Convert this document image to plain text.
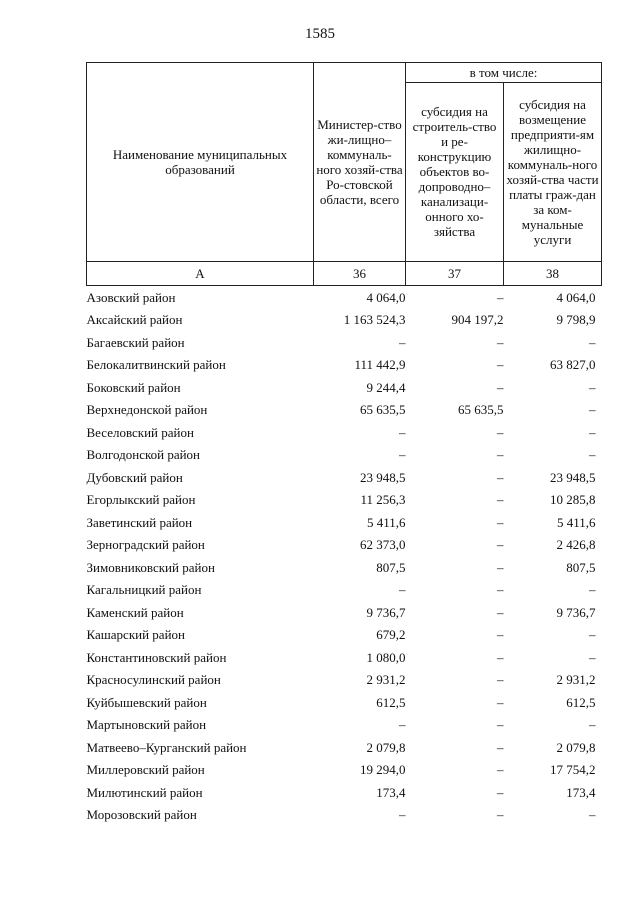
1585
Наименование муниципальных образований	Министер-ство жи-лищно–коммуналь-ного хозяй-ства Ро-стовской области, всего	в том числе:	
		субсидия на строитель-ство и ре-конструкцию объектов во-допроводно–канализаци-онного хо-зяйства	субсидия на возмещение предприяти-ям жилищно-коммуналь-ного хозяй-ства части платы граж-дан за ком-мунальные услуги
А	36	37	38
Азовский район	4 064,0	–	4 064,0
Аксайский район	1 163 524,3	904 197,2	9 798,9
Багаевский район	–	–	–
Белокалитвинский район	111 442,9	–	63 827,0
Боковский район	9 244,4	–	–
Верхнедонской район	65 635,5	65 635,5	–
Веселовский район	–	–	–
Волгодонской район	–	–	–
Дубовский район	23 948,5	–	23 948,5
Егорлыкский район	11 256,3	–	10 285,8
Заветинский район	5 411,6	–	5 411,6
Зерноградский район	62 373,0	–	2 426,8
Зимовниковский район	807,5	–	807,5
Кагальницкий район	–	–	–
Каменский район	9 736,7	–	9 736,7
Кашарский район	679,2	–	–
Константиновский район	1 080,0	–	–
Красносулинский район	2 931,2	–	2 931,2
Куйбышевский район	612,5	–	612,5
Мартыновский район	–	–	–
Матвеево–Курганский район	2 079,8	–	2 079,8
Миллеровский район	19 294,0	–	17 754,2
Милютинский район	173,4	–	173,4
Морозовский район	–	–	–
